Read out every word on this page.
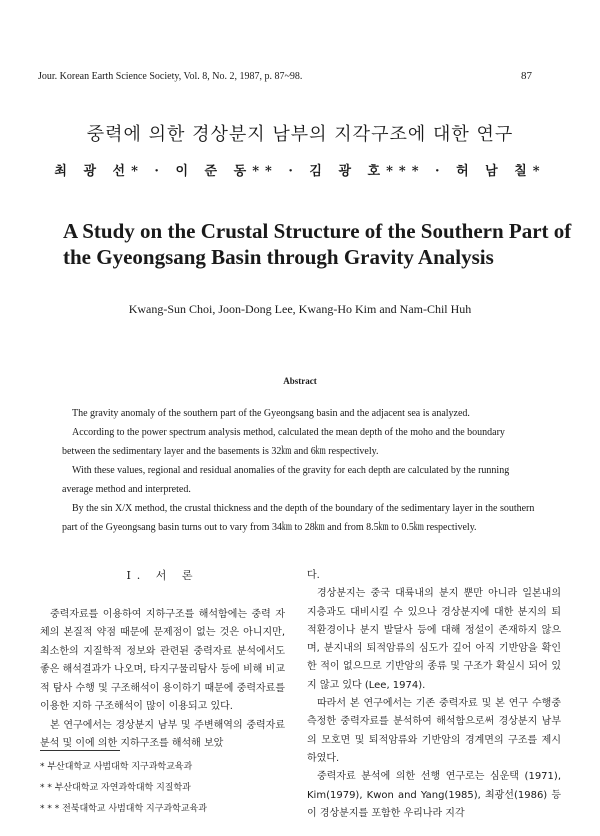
Jour. Korean Earth Science Society, Vol. 8, No. 2, 1987, p. 87~98.	87
중력에 의한 경상분지 남부의 지각구조에 대한 연구
최 광 선* · 이 준 동** · 김 광 호*** · 허 남 칠*
A Study on the Crustal Structure of the Southern Part of the Gyeongsang Basin through Gravity Analysis
Kwang-Sun Choi, Joon-Dong Lee, Kwang-Ho Kim and Nam-Chil Huh
Abstract

The gravity anomaly of the southern part of the Gyeongsang basin and the adjacent sea is analyzed.

According to the power spectrum analysis method, calculated the mean depth of the moho and the boundary between the sedimentary layer and the basements is 32㎞ and 6㎞ respectively.

With these values, regional and residual anomalies of the gravity for each depth are calculated by the running average method and interpreted.

By the sin X/X method, the crustal thickness and the depth of the boundary of the sedimentary layer in the southern part of the Gyeongsang basin turns out to vary from 34㎞ to 28㎞ and from 8.5㎞ to 0.5㎞ respectively.

I. 서 론

중력자료를 이용하여 지하구조를 해석함에는 중력 자체의 본질적 약점 때문에 문제점이 없는 것은 아니지만, 최소한의 지질학적 정보와 관련된 중력자료 분석에서도 좋은 해석결과가 나오며, 타지구물리탐사 등에 비해 비교적 탐사 수행 및 구조해석이 용이하기 때문에 중력자료를 이용한 지하 구조해석이 많이 이용되고 있다.

본 연구에서는 경상분지 남부 및 주변해역의 중력자료 분석 및 이에 의한 지하구조를 해석해 보았

* 부산대학교 사범대학 지구과학교육과
* * 부산대학교 자연과학대학 지질학과
* * * 전북대학교 사범대학 지구과학교육과

다.

경상분지는 중국 대륙내의 분지 뿐만 아니라 일본내의 지층과도 대비시킬 수 있으나 경상분지에 대한 분지의 퇴적환경이나 분지 발달사 등에 대해 정설이 존재하지 않으며, 분지내의 퇴적암류의 심도가 깊어 아직 기반암을 확인한 적이 없으므로 기반암의 종류 및 구조가 확실시 되어 있지 않고 있다 (Lee, 1974).

따라서 본 연구에서는 기존 중력자료 및 본 연구 수행중 측정한 중력자료를 분석하여 해석함으로써 경상분지 남부의 모호면 및 퇴적암류와 기반암의 경계면의 구조를 제시하였다.

중력자료 분석에 의한 선행 연구로는 심운택 (1971), Kim(1979), Kwon and Yang(1985), 최광선(1986) 등이 경상분지를 포함한 우리나라 지각
